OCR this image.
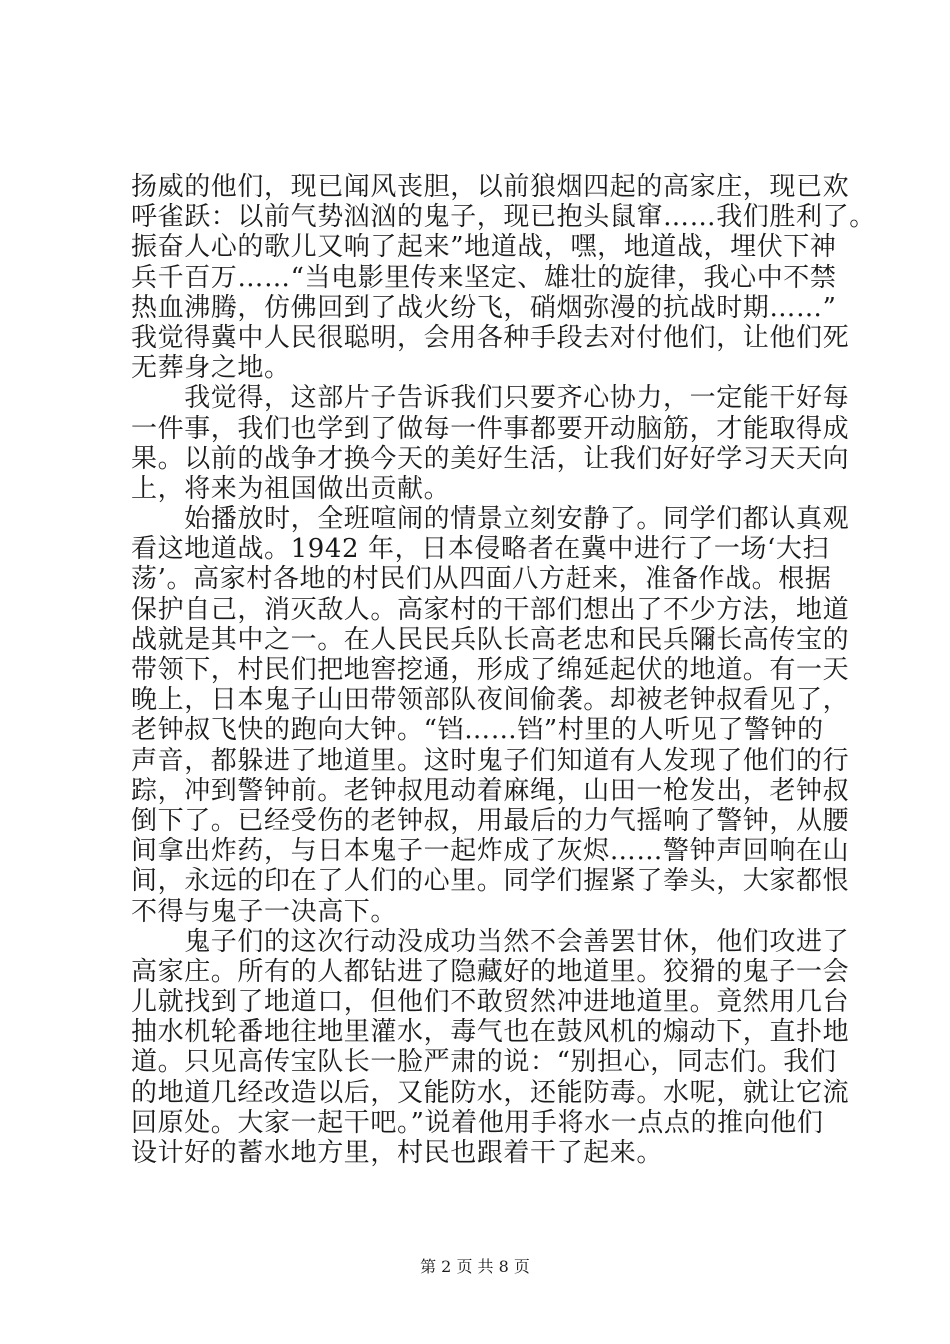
扬威的他们，现已闻风丧胆，以前狼烟四起的高家庄，现已欢
呼雀跃：以前气势汹汹的鬼子，现已抱头鼠窜……我们胜利了。
振奋人心的歌儿又响了起来”地道战，嘿，地道战，埋伏下神
兵千百万……“当电影里传来坚定、雄壮的旋律，我心中不禁
热血沸腾，仿佛回到了战火纷飞，硝烟弥漫的抗战时期……”
我觉得冀中人民很聪明，会用各种手段去对付他们，让他们死
无葬身之地。
　　我觉得，这部片子告诉我们只要齐心协力，一定能干好每
一件事，我们也学到了做每一件事都要开动脑筋，才能取得成
果。以前的战争才换今天的美好生活，让我们好好学习天天向
上，将来为祖国做出贡献。
　　始播放时，全班喧闹的情景立刻安静了。同学们都认真观
看这地道战。1942 年，日本侵略者在冀中进行了一场‘大扫
荡’。高家村各地的村民们从四面八方赶来，准备作战。根据
保护自己，消灭敌人。高家村的干部们想出了不少方法，地道
战就是其中之一。在人民民兵队长高老忠和民兵隬长高传宝的
带领下，村民们把地窖挖通，形成了绵延起伏的地道。有一天
晚上，日本鬼子山田带领部队夜间偷袭。却被老钟叔看见了，
老钟叔飞快的跑向大钟。“铛……铛”村里的人听见了警钟的
声音，都躲进了地道里。这时鬼子们知道有人发现了他们的行
踪，冲到警钟前。老钟叔甩动着麻绳，山田一枪发出，老钟叔
倒下了。已经受伤的老钟叔，用最后的力气摇响了警钟，从腰
间拿出炸药，与日本鬼子一起炸成了灰烬……警钟声回响在山
间，永远的印在了人们的心里。同学们握紧了拳头，大家都恨
不得与鬼子一决高下。
　　鬼子们的这次行动没成功当然不会善罢甘休，他们攻进了
高家庄。所有的人都钻进了隐藏好的地道里。狡猾的鬼子一会
儿就找到了地道口，但他们不敢贸然冲进地道里。竟然用几台
抽水机轮番地往地里灌水，毒气也在鼓风机的煽动下，直扑地
道。只见高传宝队长一脸严肃的说：“别担心，同志们。我们
的地道几经改造以后，又能防水，还能防毒。水呢，就让它流
回原处。大家一起干吧。”说着他用手将水一点点的推向他们
设计好的蓄水地方里，村民也跟着干了起来。
第 2 页 共 8 页
